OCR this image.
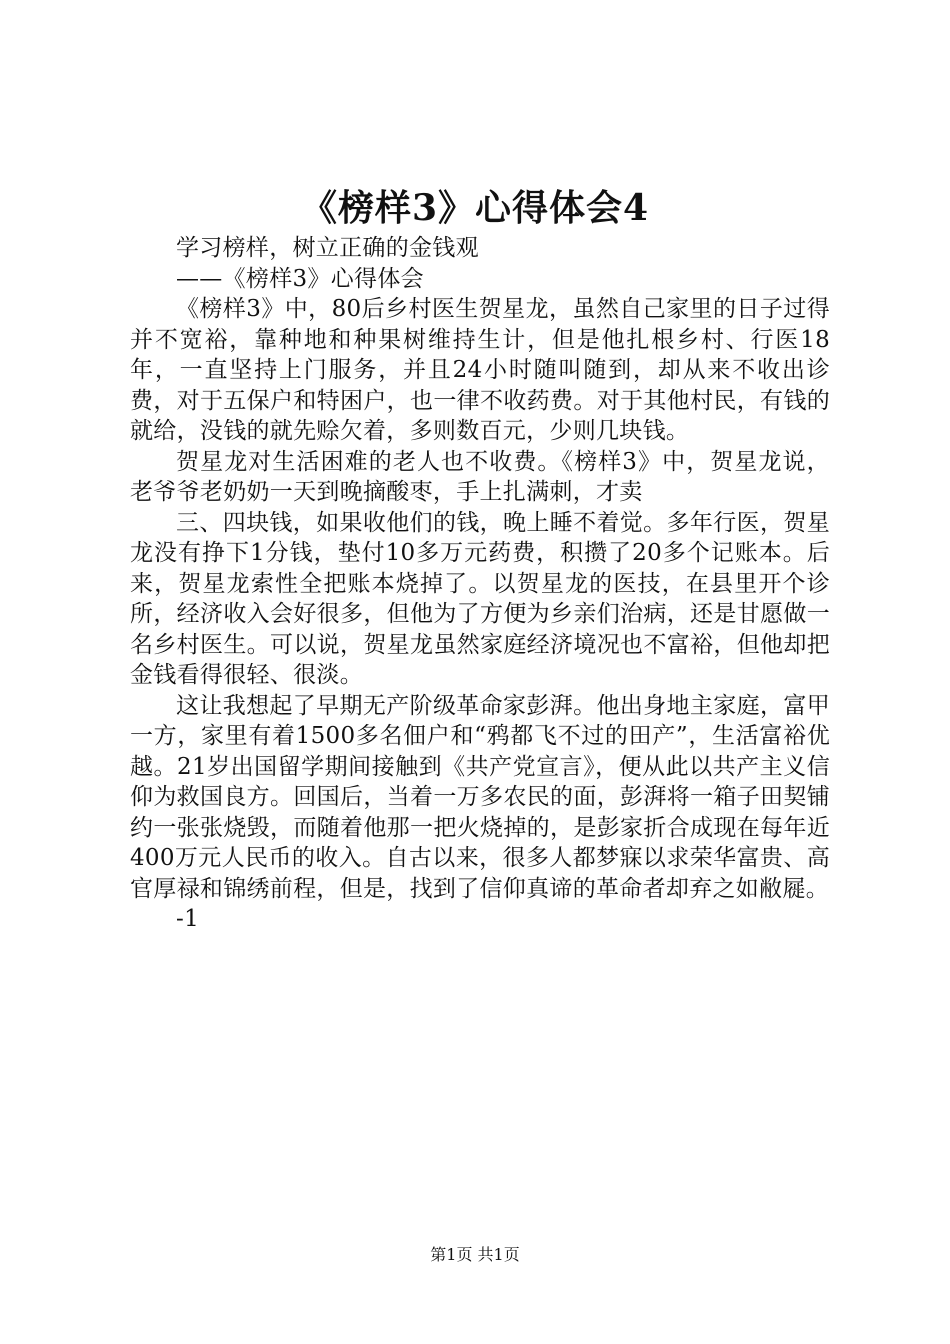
《榜样3》心得体会4

学习榜样，树立正确的金钱观

——《榜样3》心得体会

《榜样3》中，80后乡村医生贺星龙，虽然自己家里的日子过得并不宽裕，靠种地和种果树维持生计，但是他扎根乡村、行医18年，一直坚持上门服务，并且24小时随叫随到，却从来不收出诊费，对于五保户和特困户，也一律不收药费。对于其他村民，有钱的就给，没钱的就先赊欠着，多则数百元，少则几块钱。

贺星龙对生活困难的老人也不收费。《榜样3》中，贺星龙说，老爷爷老奶奶一天到晚摘酸枣，手上扎满刺，才卖

三、四块钱，如果收他们的钱，晚上睡不着觉。多年行医，贺星龙没有挣下1分钱，垫付10多万元药费，积攒了20多个记账本。后来，贺星龙索性全把账本烧掉了。以贺星龙的医技，在县里开个诊所，经济收入会好很多，但他为了方便为乡亲们治病，还是甘愿做一名乡村医生。可以说，贺星龙虽然家庭经济境况也不富裕，但他却把金钱看得很轻、很淡。

这让我想起了早期无产阶级革命家彭湃。他出身地主家庭，富甲一方，家里有着1500多名佃户和“鸦都飞不过的田产”，生活富裕优越。21岁出国留学期间接触到《共产党宣言》，便从此以共产主义信仰为救国良方。回国后，当着一万多农民的面，彭湃将一箱子田契铺约一张张烧毁，而随着他那一把火烧掉的，是彭家折合成现在每年近400万元人民币的收入。自古以来，很多人都梦寐以求荣华富贵、高官厚禄和锦绣前程，但是，找到了信仰真谛的革命者却弃之如敝屣。

-1

第1页 共1页
